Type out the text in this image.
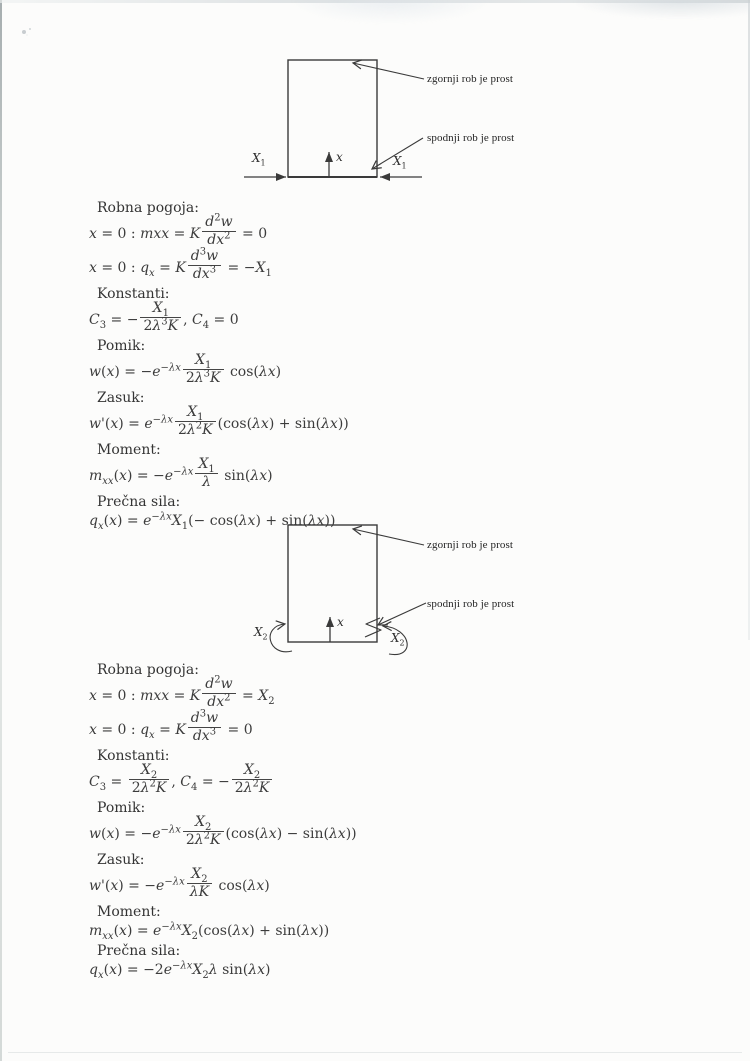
zgornji rob je prost
spodnji rob je prost
$X_1$	$X_1$
x

Robna pogoja:

x = 0 : mxx = K $\frac{d^2w}{dx^2} = 0$

x = 0 : $q_x = K \frac{d^3w}{dx^3} = -X_1$

Konstanti:

$C_3$ = − $\frac{X_1}{2\lambda^3K}$ , $C_4 = 0$

Pomik:

$w(x) = -e^{-\lambda x} \frac{X_1}{2\lambda^3K} \cos(\lambda x)$

Zasuk:

$w'(x) = e^{-\lambda x} \frac{X_1}{2\lambda^2K} (\cos(\lambda x) + \sin(\lambda x))$

Moment:

$m_{xx}(x) = -e^{-\lambda x} \frac{X_1}{\lambda} \sin(\lambda x)$

Prečna sila:

$q_x(x) = e^{-\lambda x}X_1(- \cos(\lambda x) + \sin(\lambda x))$

zgornji rob je prost
spodnji rob je prost
$X_2$	$X_2$
x

Robna pogoja:

x = 0 : mxx = K $\frac{d^2w}{dx^2} = X_2$

x = 0 : $q_x = K \frac{d^3w}{dx^3} = 0$

Konstanti:

$C_3 = \frac{X_2}{2\lambda^2K}$ , $C_4$ = − $\frac{X_2}{2\lambda^2K}$

Pomik:

$w(x) = -e^{-\lambda x} \frac{X_2}{2\lambda^2K} (\cos(\lambda x) - \sin(\lambda x))$

Zasuk:

$w'(x) = -e^{-\lambda x} \frac{X_2}{\lambda K} \cos(\lambda x)$

Moment:

$m_{xx}(x) = e^{-\lambda x}X_2(\cos(\lambda x) + \sin(\lambda x))$

Prečna sila:

$q_x(x) = -2e^{-\lambda x}X_2\lambda$ sin(λx)
